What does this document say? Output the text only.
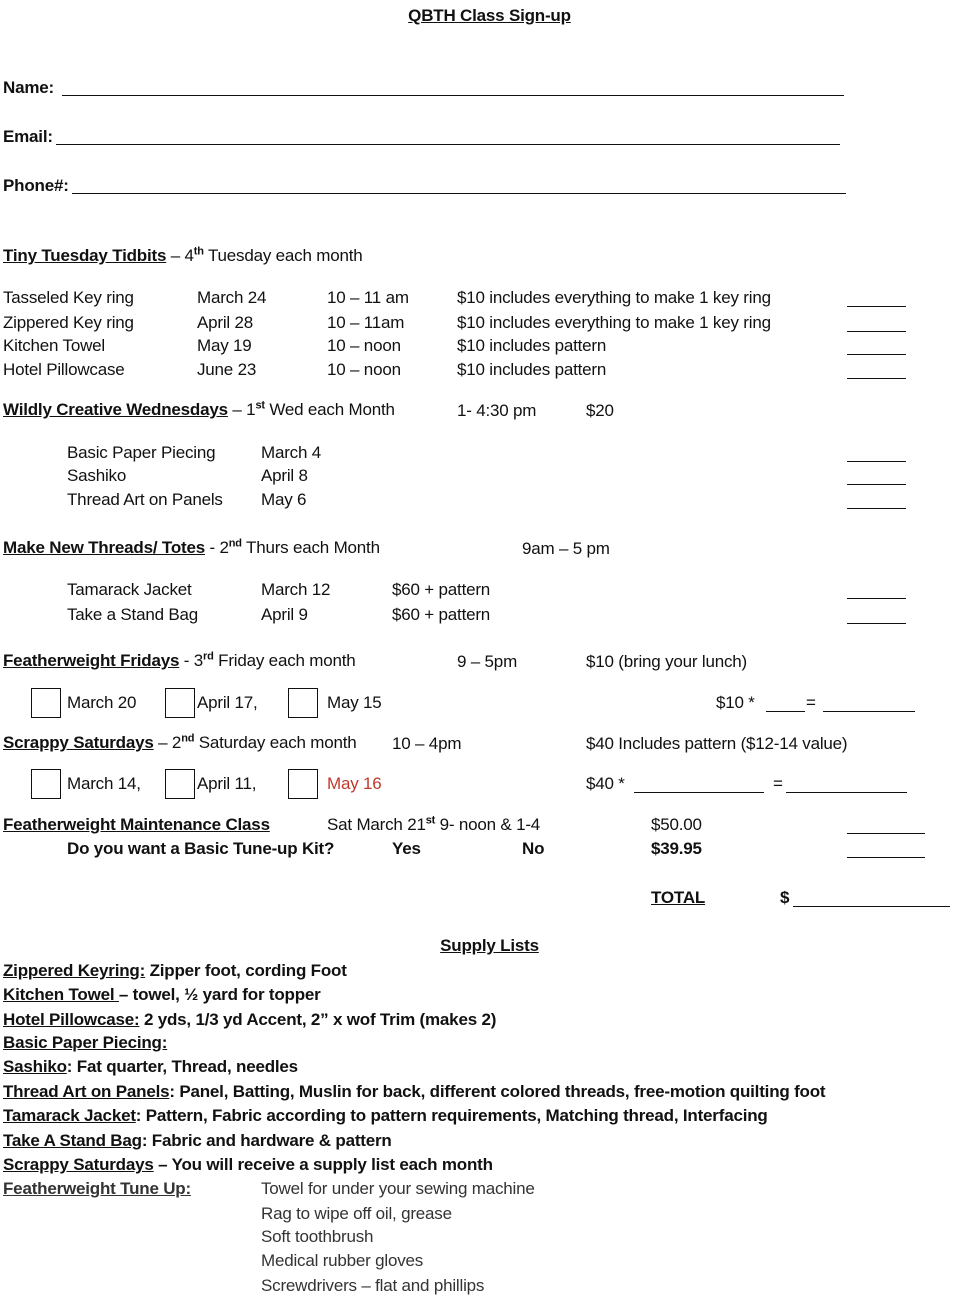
QBTH Class Sign-up
Name:
Email:
Phone#:
Tiny Tuesday Tidbits – 4th Tuesday each month
Tasseled Key ring	March 24	10 – 11 am	$10 includes everything to make 1 key ring
Zippered Key ring	April 28	10 – 11am	$10 includes everything to make 1 key ring
Kitchen Towel	May 19	10 – noon	$10 includes pattern
Hotel Pillowcase	June 23	10 – noon	$10 includes pattern
Wildly Creative Wednesdays – 1st Wed each Month	1- 4:30 pm	$20
Basic Paper Piecing	March 4
Sashiko	April 8
Thread Art on Panels May 6
Make New Threads/ Totes - 2nd Thurs each Month	9am – 5 pm
Tamarack Jacket	March 12	$60 + pattern
Take a Stand Bag	April 9	$60 + pattern
Featherweight Fridays - 3rd Friday each month	9 – 5pm	$10 (bring your lunch)
March 20	April 17,	May 15	$10 *	=
Scrappy Saturdays – 2nd Saturday each month 10 – 4pm	$40 Includes pattern ($12-14 value)
March 14,	April 11,	May 16	$40 *	=
Featherweight Maintenance Class	Sat March 21st 9- noon & 1-4	$50.00
Do you want a Basic Tune-up Kit?	Yes	No	$39.95
TOTAL	$
Supply Lists
Zippered Keyring: Zipper foot, cording Foot
Kitchen Towel – towel, ½ yard for topper
Hotel Pillowcase: 2 yds, 1/3 yd Accent, 2” x wof Trim (makes 2)
Basic Paper Piecing:
Sashiko: Fat quarter, Thread, needles
Thread Art on Panels: Panel, Batting, Muslin for back, different colored threads, free-motion quilting foot
Tamarack Jacket: Pattern, Fabric according to pattern requirements, Matching thread, Interfacing
Take A Stand Bag: Fabric and hardware & pattern
Scrappy Saturdays – You will receive a supply list each month
Featherweight Tune Up:	Towel for under your sewing machine
Rag to wipe off oil, grease
Soft toothbrush
Medical rubber gloves
Screwdrivers – flat and phillips
